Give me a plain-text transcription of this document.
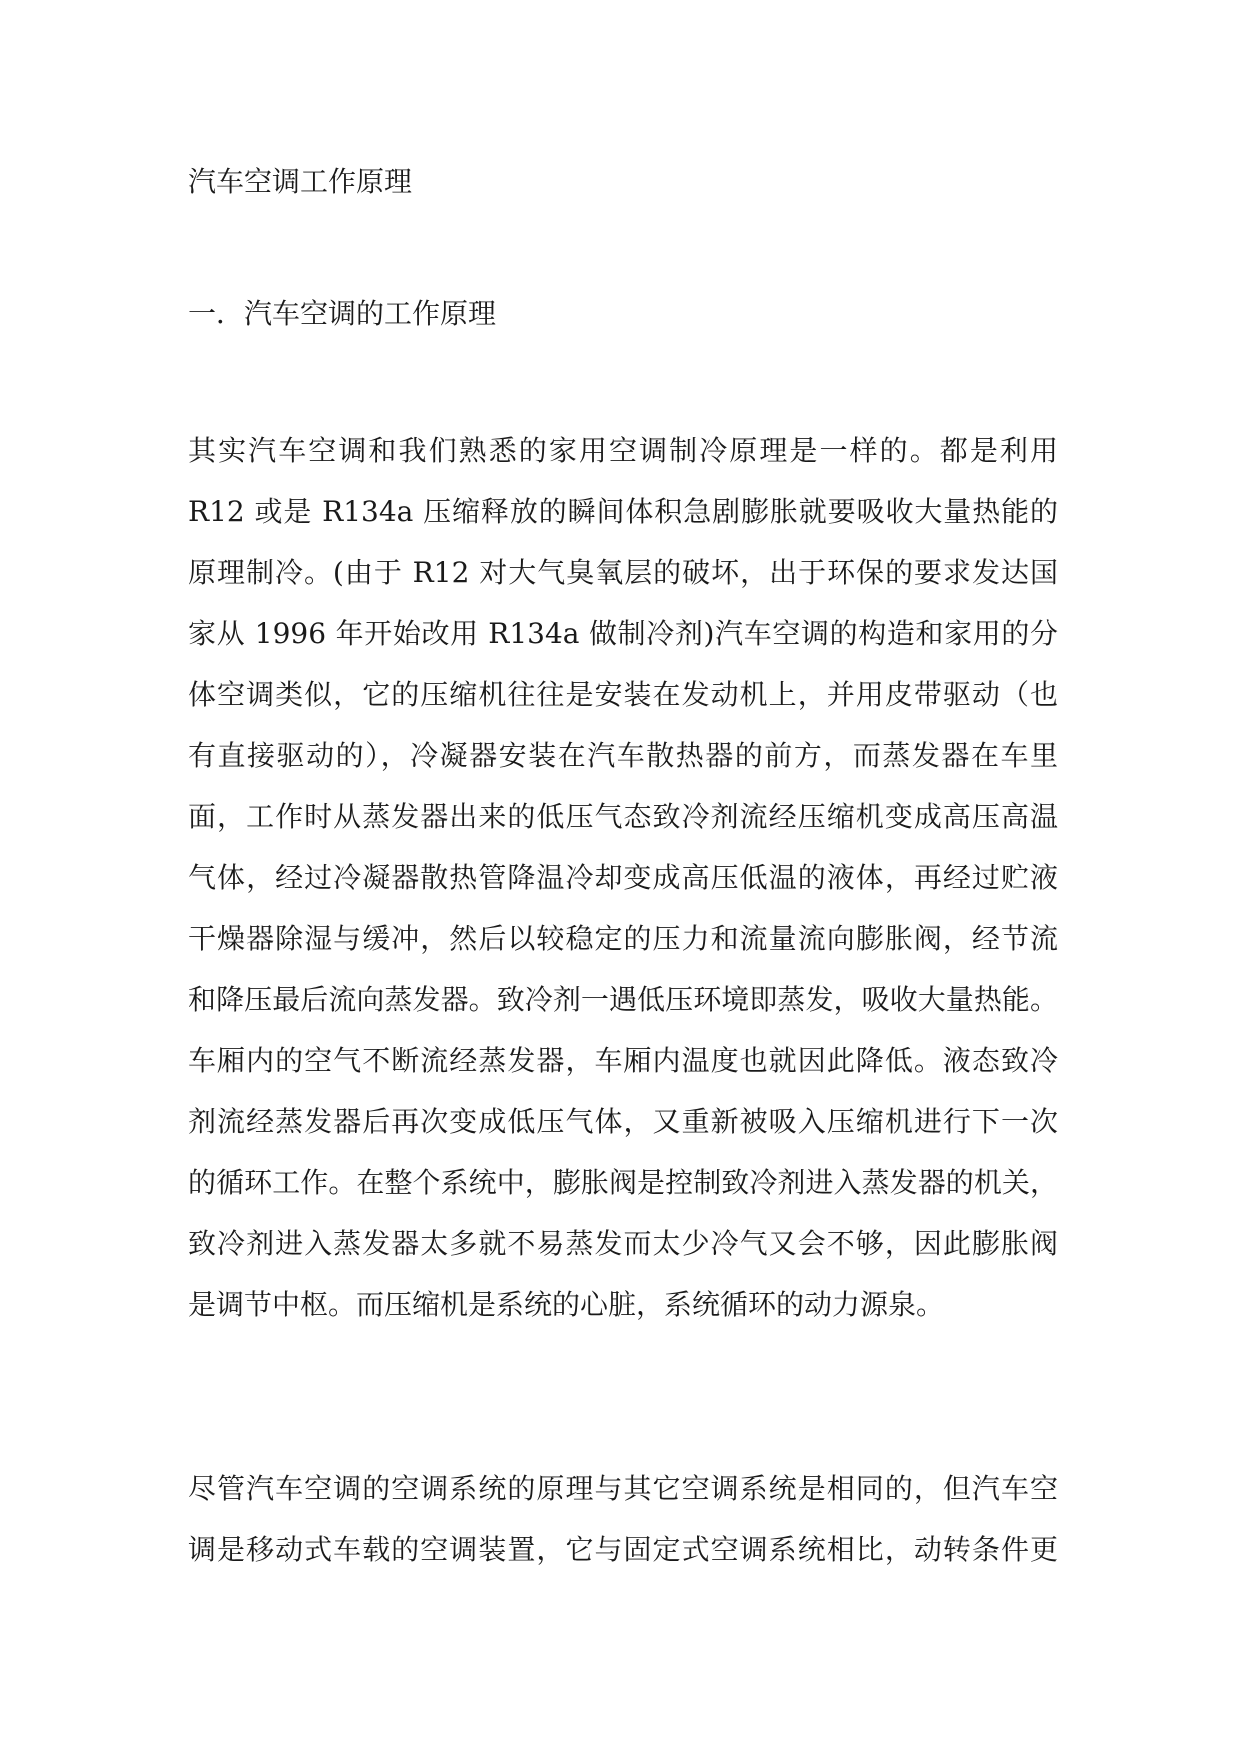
汽车空调工作原理
一．汽车空调的工作原理
其实汽车空调和我们熟悉的家用空调制冷原理是一样的。都是利用
R12 或是 R134a 压缩释放的瞬间体积急剧膨胀就要吸收大量热能的
原理制冷。(由于 R12 对大气臭氧层的破坏，出于环保的要求发达国
家从 1996 年开始改用 R134a 做制冷剂)汽车空调的构造和家用的分
体空调类似，它的压缩机往往是安装在发动机上，并用皮带驱动（也
有直接驱动的），冷凝器安装在汽车散热器的前方，而蒸发器在车里
面，工作时从蒸发器出来的低压气态致冷剂流经压缩机变成高压高温
气体，经过冷凝器散热管降温冷却变成高压低温的液体，再经过贮液
干燥器除湿与缓冲，然后以较稳定的压力和流量流向膨胀阀，经节流
和降压最后流向蒸发器。致冷剂一遇低压环境即蒸发，吸收大量热能。
车厢内的空气不断流经蒸发器，车厢内温度也就因此降低。液态致冷
剂流经蒸发器后再次变成低压气体，又重新被吸入压缩机进行下一次
的循环工作。在整个系统中，膨胀阀是控制致冷剂进入蒸发器的机关，
致冷剂进入蒸发器太多就不易蒸发而太少冷气又会不够，因此膨胀阀
是调节中枢。而压缩机是系统的心脏，系统循环的动力源泉。
尽管汽车空调的空调系统的原理与其它空调系统是相同的，但汽车空
调是移动式车载的空调装置，它与固定式空调系统相比，动转条件更
